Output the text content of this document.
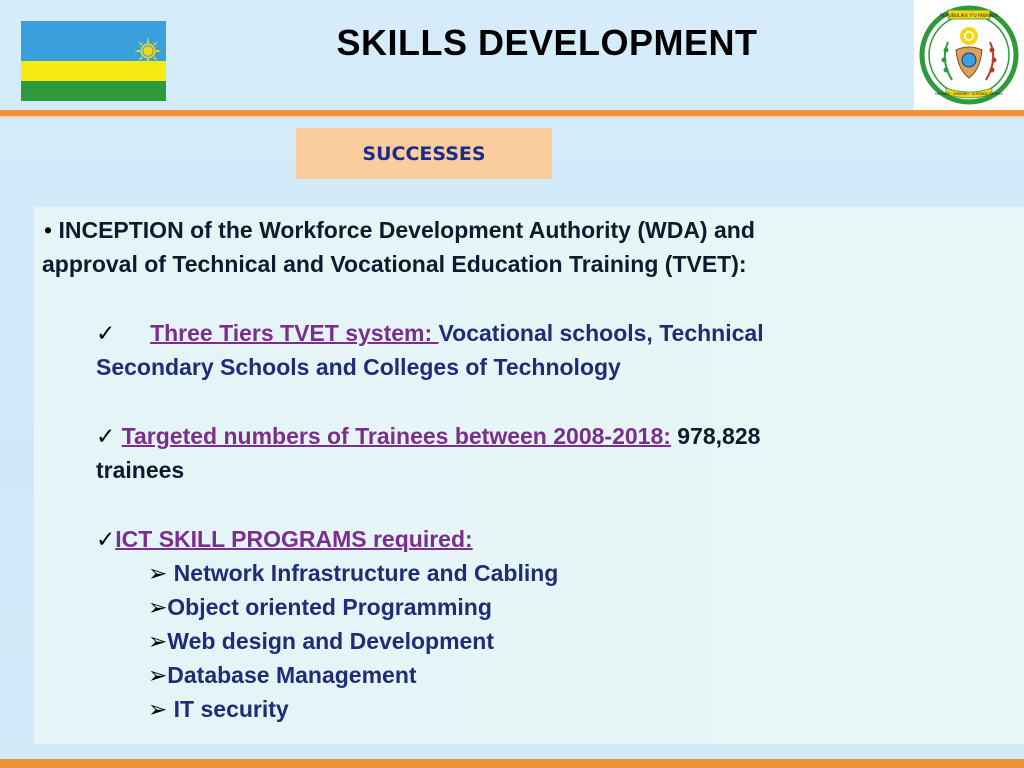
SKILLS DEVELOPMENT
REPUBULIKA Y'U RWANDA
UBUMWE · UMURIMO · GUKUNDA IGIHUGU
SUCCESSES
• INCEPTION of the Workforce Development Authority (WDA) and
approval of Technical and Vocational Education Training (TVET):
✓ Three Tiers TVET system: Vocational schools, Technical
Secondary Schools and Colleges of Technology
✓ Targeted numbers of Trainees between 2008-2018: 978,828
trainees
✓ICT SKILL PROGRAMS required:
➢ Network Infrastructure and Cabling
➢Object oriented Programming
➢Web design and Development
➢Database Management
➢ IT security
